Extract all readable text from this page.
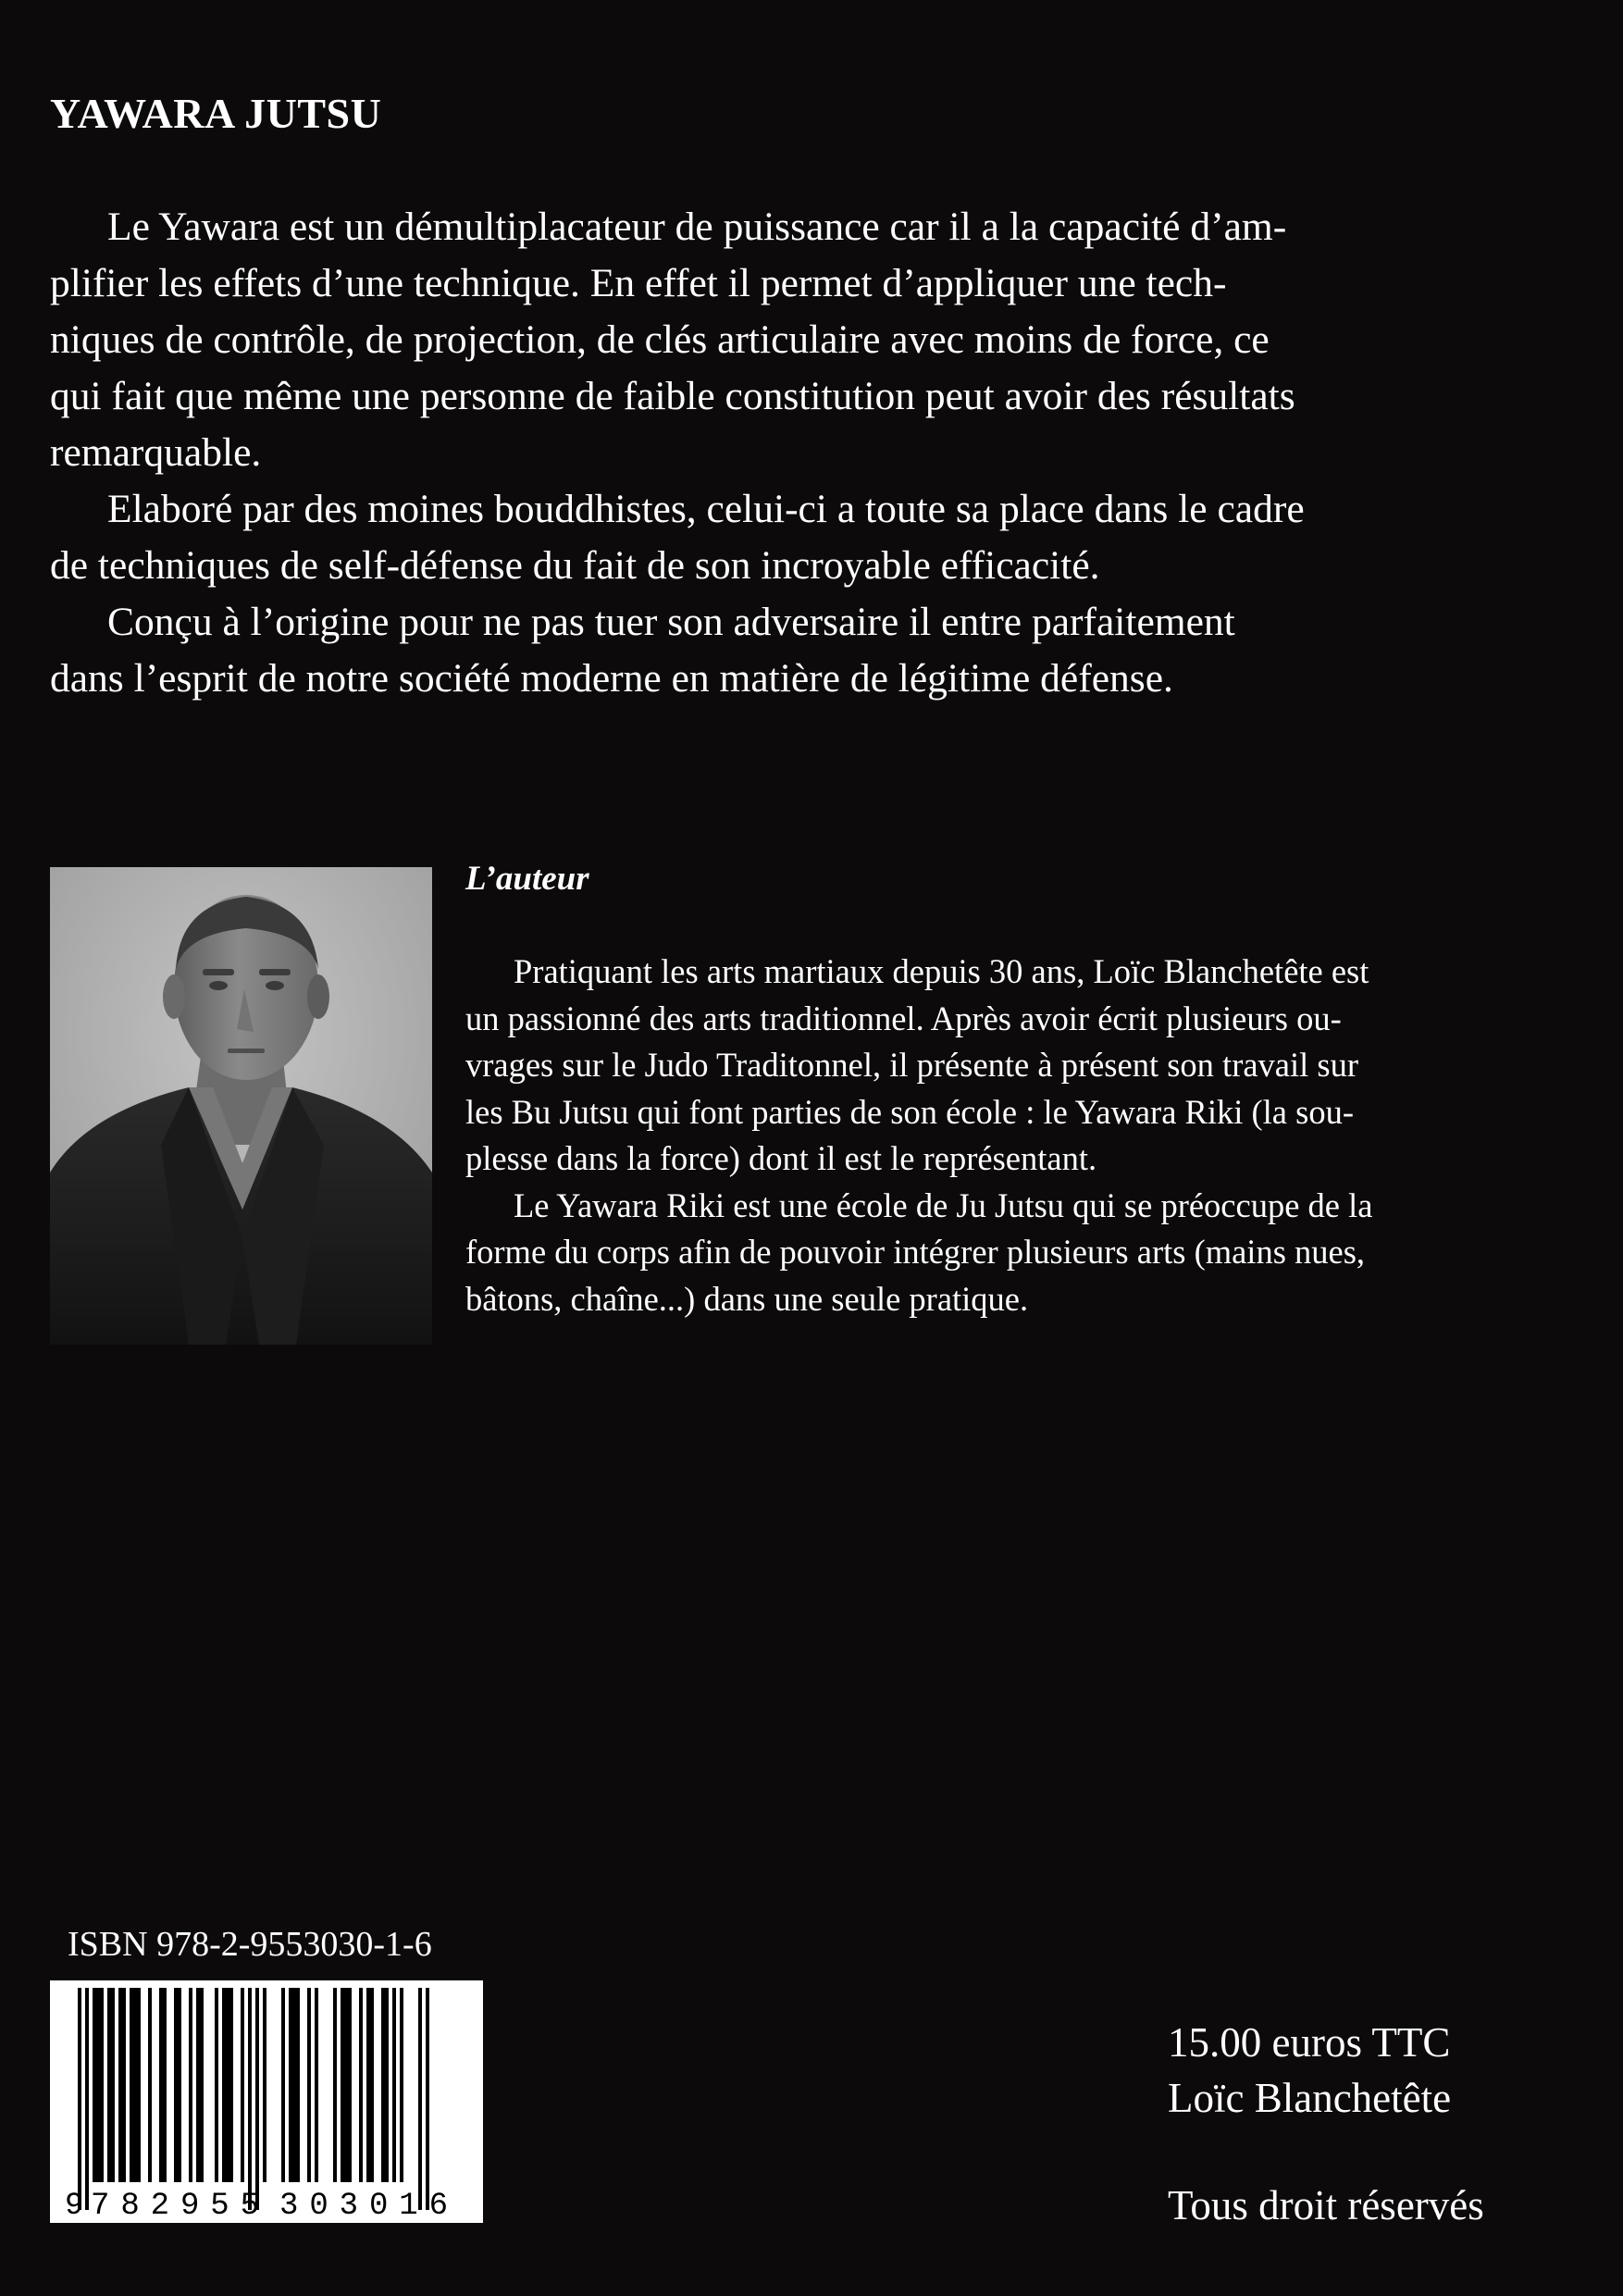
YAWARA JUTSU

Le Yawara est un démultiplacateur de puissance car il a la capacité d’am-

plifier les effets d’une technique. En effet il permet d’appliquer une tech-

niques de contrôle, de projection, de clés articulaire avec moins de force, ce

qui fait que même une personne de faible constitution peut avoir des résultats

remarquable.

Elaboré par des moines bouddhistes, celui-ci a toute sa place dans le cadre

de techniques de self-défense du fait de son incroyable efficacité.

Conçu à l’origine pour ne pas tuer son adversaire il entre parfaitement

dans l’esprit de notre société moderne en matière de légitime défense.

L’auteur

Pratiquant les arts martiaux depuis 30 ans, Loïc Blanchetête est

un passionné des arts traditionnel. Après avoir écrit plusieurs ou-

vrages sur le Judo Traditonnel, il présente à présent son travail sur

les Bu Jutsu qui font parties de son école : le Yawara Riki (la sou-

plesse dans la force) dont il est le représentant.

Le Yawara Riki est une école de Ju Jutsu qui se préoccupe de la

forme du corps afin de pouvoir intégrer plusieurs arts (mains nues,

bâtons, chaîne...) dans une seule pratique.

ISBN 978-2-9553030-1-6

9 782955 303016
15.00 euros TTC
Loïc Blanchetête
Tous droit réservés
